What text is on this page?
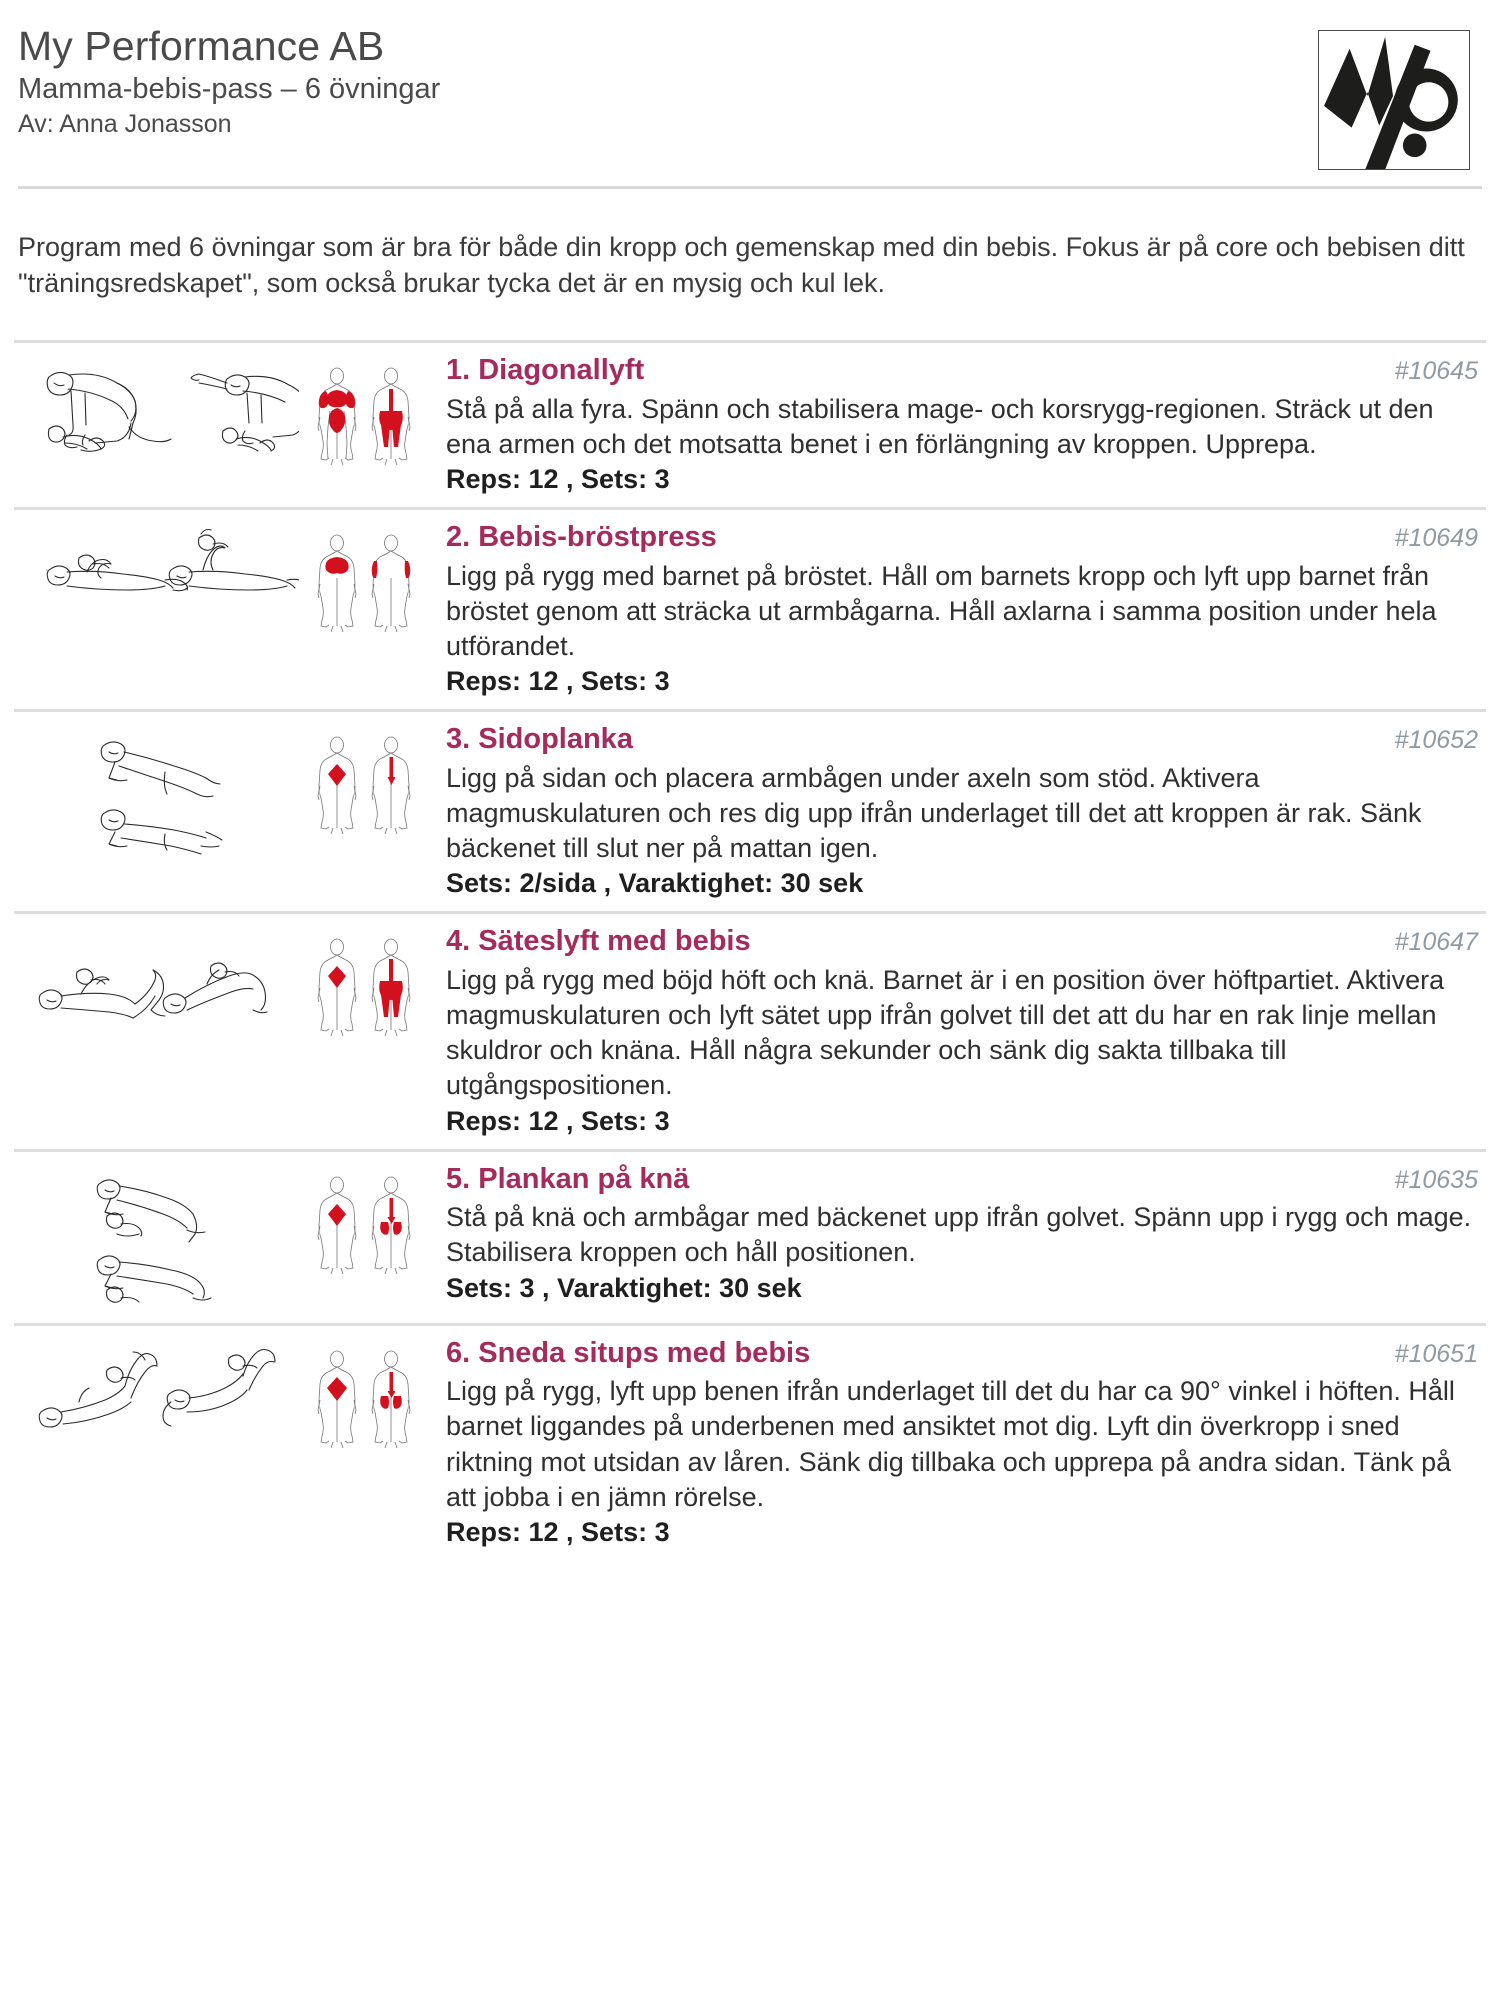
My Performance AB
Mamma-bebis-pass – 6 övningar
Av: Anna Jonasson

Program med 6 övningar som är bra för både din kropp och gemenskap med din bebis. Fokus är på core och bebisen ditt "träningsredskapet", som också brukar tycka det är en mysig och kul lek.

1. Diagonallyft	#10645

Stå på alla fyra. Spänn och stabilisera mage- och korsrygg-regionen. Sträck ut den ena armen och det motsatta benet i en förlängning av kroppen. Upprepa.

Reps: 12 , Sets: 3
2. Bebis-bröstpress	#10649

Ligg på rygg med barnet på bröstet. Håll om barnets kropp och lyft upp barnet från bröstet genom att sträcka ut armbågarna. Håll axlarna i samma position under hela utförandet.

Reps: 12 , Sets: 3
3. Sidoplanka	#10652

Ligg på sidan och placera armbågen under axeln som stöd. Aktivera magmuskulaturen och res dig upp ifrån underlaget till det att kroppen är rak. Sänk bäckenet till slut ner på mattan igen.

Sets: 2/sida , Varaktighet: 30 sek
4. Säteslyft med bebis	#10647

Ligg på rygg med böjd höft och knä. Barnet är i en position över höftpartiet. Aktivera magmuskulaturen och lyft sätet upp ifrån golvet till det att du har en rak linje mellan skuldror och knäna. Håll några sekunder och sänk dig sakta tillbaka till utgångspositionen.

Reps: 12 , Sets: 3
5. Plankan på knä	#10635

Stå på knä och armbågar med bäckenet upp ifrån golvet. Spänn upp i rygg och mage. Stabilisera kroppen och håll positionen.

Sets: 3 , Varaktighet: 30 sek
6. Sneda situps med bebis	#10651

Ligg på rygg, lyft upp benen ifrån underlaget till det du har ca 90° vinkel i höften. Håll barnet liggandes på underbenen med ansiktet mot dig. Lyft din överkropp i sned riktning mot utsidan av låren. Sänk dig tillbaka och upprepa på andra sidan. Tänk på att jobba i en jämn rörelse.

Reps: 12 , Sets: 3
